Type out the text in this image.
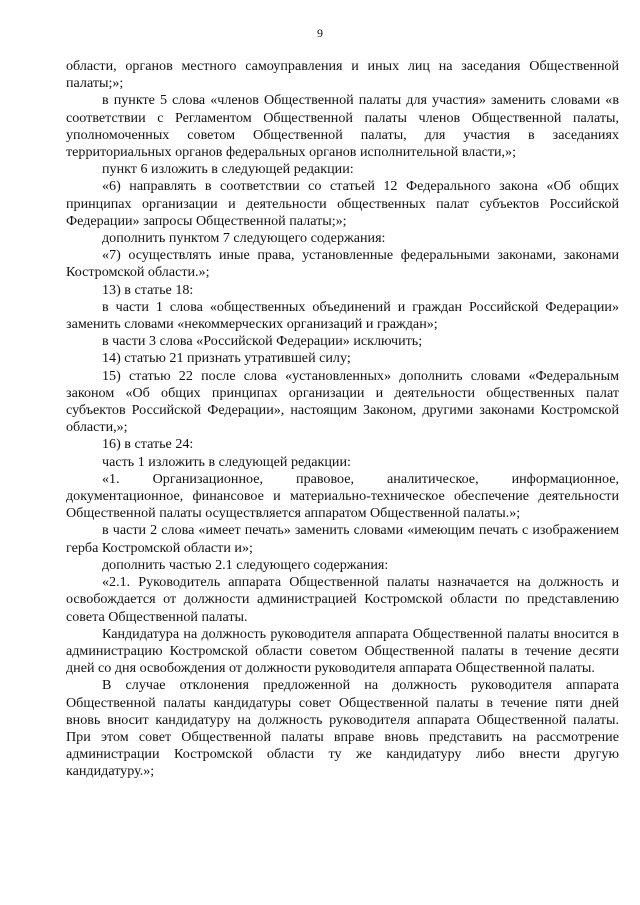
9

области, органов местного самоуправления и иных лиц на заседания Общественной палаты;»;

в пункте 5 слова «членов Общественной палаты для участия» заменить словами «в соответствии с Регламентом Общественной палаты членов Общественной палаты, уполномоченных советом Общественной палаты, для участия в заседаниях территориальных органов федеральных органов исполнительной власти,»;

пункт 6 изложить в следующей редакции:

«6) направлять в соответствии со статьей 12 Федерального закона «Об общих принципах организации и деятельности общественных палат субъектов Российской Федерации» запросы Общественной палаты;»;

дополнить пунктом 7 следующего содержания:

«7) осуществлять иные права, установленные федеральными законами, законами Костромской области.»;

13) в статье 18:

в части 1 слова «общественных объединений и граждан Российской Федерации» заменить словами «некоммерческих организаций и граждан»;

в части 3 слова «Российской Федерации» исключить;

14) статью 21 признать утратившей силу;

15) статью 22 после слова «установленных» дополнить словами «Федеральным законом «Об общих принципах организации и деятельности общественных палат субъектов Российской Федерации», настоящим Законом, другими законами Костромской области,»;

16) в статье 24:

часть 1 изложить в следующей редакции:

«1. Организационное, правовое, аналитическое, информационное, документационное, финансовое и материально-техническое обеспечение деятельности Общественной палаты осуществляется аппаратом Общественной палаты.»;

в части 2 слова «имеет печать» заменить словами «имеющим печать с изображением герба Костромской области и»;

дополнить частью 2.1 следующего содержания:

«2.1. Руководитель аппарата Общественной палаты назначается на должность и освобождается от должности администрацией Костромской области по представлению совета Общественной палаты.

Кандидатура на должность руководителя аппарата Общественной палаты вносится в администрацию Костромской области советом Общественной палаты в течение десяти дней со дня освобождения от должности руководителя аппарата Общественной палаты.

В случае отклонения предложенной на должность руководителя аппарата Общественной палаты кандидатуры совет Общественной палаты в течение пяти дней вновь вносит кандидатуру на должность руководителя аппарата Общественной палаты. При этом совет Общественной палаты вправе вновь представить на рассмотрение администрации Костромской области ту же кандидатуру либо внести другую кандидатуру.»;
